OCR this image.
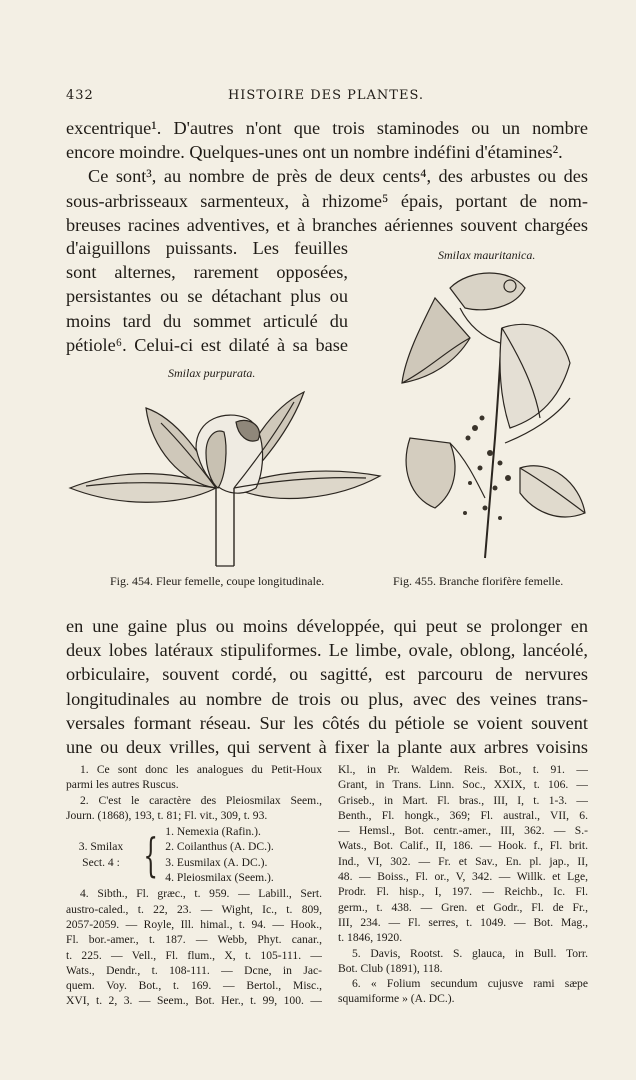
432	HISTOIRE DES PLANTES.
excentrique¹. D'autres n'ont que trois staminodes ou un nombre
encore moindre. Quelques-unes ont un nombre indéfini d'étamines².
Ce sont³, au nombre de près de deux cents⁴, des arbustes ou des
sous-arbrisseaux sarmenteux, à rhizome⁵ épais, portant de nom-
breuses racines adventives, et à branches aériennes souvent chargées
d'aiguillons puissants. Les feuilles
sont alternes, rarement opposées,
persistantes ou se détachant plus ou
moins tard du sommet articulé du
pétiole⁶. Celui-ci est dilaté à sa base
Smilax mauritanica.
Fig. 455. Branche florifère femelle.
Smilax purpurata.
Fig. 454. Fleur femelle, coupe longitudinale.
en une gaine plus ou moins développée, qui peut se prolonger en
deux lobes latéraux stipuliformes. Le limbe, ovale, oblong, lancéolé,
orbiculaire, souvent cordé, ou sagitté, est parcouru de nervures
longitudinales au nombre de trois ou plus, avec des veines trans-
versales formant réseau. Sur les côtés du pétiole se voient souvent
une ou deux vrilles, qui servent à fixer la plante aux arbres voisins
1. Ce sont donc les analogues du Petit-Houx
parmi les autres Ruscus.
2. C'est le caractère des Pleiosmilax Seem.,
Journ. (1868), 193, t. 81; Fl. vit., 309, t. 93.
3. Smilax
Sect. 4 : { 1. Nemexia (Rafin.).
2. Coilanthus (A. DC.).
3. Eusmilax (A. DC.).
4. Pleiosmilax (Seem.).
4. Sibth., Fl. græc., t. 959. — Labill., Sert.
austro-caled., t. 22, 23. — Wight, Ic., t. 809,
2057-2059. — Royle, Ill. himal., t. 94. — Hook.,
Fl. bor.-amer., t. 187. — Webb, Phyt. canar.,
t. 225. — Vell., Fl. flum., X, t. 105-111. —
Wats., Dendr., t. 108-111. — Dcne, in Jac-
quem. Voy. Bot., t. 169. — Bertol., Misc.,
XVI, t. 2, 3. — Seem., Bot. Her., t. 99, 100. —
Kl., in Pr. Waldem. Reis. Bot., t. 91. —
Grant, in Trans. Linn. Soc., XXIX, t. 106. —
Griseb., in Mart. Fl. bras., III, I, t. 1-3. —
Benth., Fl. hongk., 369; Fl. austral., VII, 6.
— Hemsl., Bot. centr.-amer., III, 362. — S.-
Wats., Bot. Calif., II, 186. — Hook. f., Fl. brit.
Ind., VI, 302. — Fr. et Sav., En. pl. jap., II,
48. — Boiss., Fl. or., V, 342. — Willk. et Lge,
Prodr. Fl. hisp., I, 197. — Reichb., Ic. Fl.
germ., t. 438. — Gren. et Godr., Fl. de Fr.,
III, 234. — Fl. serres, t. 1049. — Bot. Mag.,
t. 1846, 1920.
5. Davis, Rootst. S. glauca, in Bull. Torr.
Bot. Club (1891), 118.
6. « Folium secundum cujusve rami sæpe
squamiforme » (A. DC.).
